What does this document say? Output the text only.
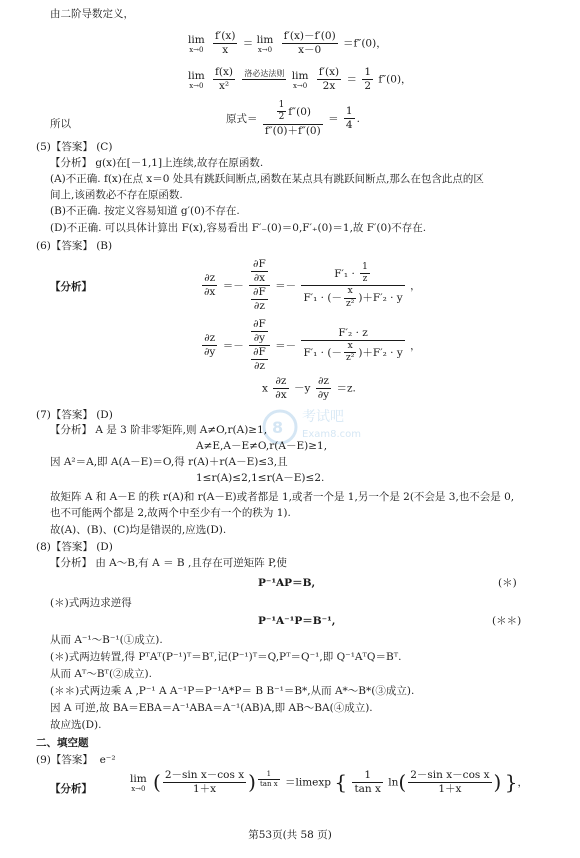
8
考试吧
Exam8.com
由二阶导数定义，
lim
x→0
$\frac{f'(x)}{x} = \lim$
x→0
$\frac{f'(x)-f'(0)}{x-0} =f''(0)$，
lim
x→0
$\frac{f(x)}{\text{x²}}$
洛必达法则

lim
x→0
$\frac{f'(x)}{2x} = \frac{1}{2} f''(0)$，
所以	原式＝ $\frac{\frac{1}{2} f''(0)}{f''(0)+f''(0)} = \frac{1}{4}$ .
(5)【答案】 (C)
【分析】 g(x)在[－1,1]上连续,故存在原函数.
(A)不正确. f(x)在点 x＝0 处具有跳跃间断点,函数在某点具有跳跃间断点,那么在包含此点的区
间上,该函数必不存在原函数.
(B)不正确. 按定义容易知道 g′(0)不存在.
(D)不正确. 可以具体计算出 F(x),容易看出 F′₋(0)＝0,F′₊(0)＝1,故 F′(0)不存在.
(6)【答案】 (B)
【分析】	$\frac{\partial z}{\partial x} =- \frac{\frac{\partial F}{\partial x}}{\frac{\partial F}{\partial z}} =- \frac{F'_1 \cdot \frac{1}{z}}{F'_1 \cdot (- \frac{x}{\text{z²}} )+F'_2 \cdot y}$ ，
$\frac{\partial z}{\partial y} =- \frac{\frac{\partial F}{\partial y}}{\frac{\partial F}{\partial z}} =- \frac{\text{F′₂ · z}}{F'_1 \cdot (- \frac{x}{\text{z²}} )+F'_2 \cdot y}$ ，
x $\frac{\partial z}{\partial x} -y \frac{\partial z}{\partial y} =z$.
(7)【答案】 (D)
【分析】 A 是 3 阶非零矩阵,则 A≠O,r(A)≥1,
A≠E,A－E≠O,r(A－E)≥1,
因 A²＝A,即 A(A－E)＝O,得 r(A)＋r(A－E)≤3,且
1≤r(A)≤2,1≤r(A－E)≤2.
故矩阵 A 和 A－E 的秩 r(A)和 r(A－E)或者都是 1,或者一个是 1,另一个是 2(不会是 3,也不会是 0,
也不可能两个都是 2,故两个中至少有一个的秩为 1).
故(A)、(B)、(C)均是错误的,应选(D).
(8)【答案】 (D)
【分析】 由 A～B,有 A ＝ B ,且存在可逆矩阵 P,使
P⁻¹AP＝B,	(＊)
(＊)式两边求逆得
P⁻¹A⁻¹P＝B⁻¹,	(＊＊)
从而 A⁻¹～B⁻¹(①成立).
(＊)式两边转置,得 PᵀAᵀ(P⁻¹)ᵀ＝Bᵀ,记(P⁻¹)ᵀ＝Q,Pᵀ＝Q⁻¹,即 Q⁻¹AᵀQ＝Bᵀ.
从而 Aᵀ～Bᵀ(②成立).
(＊＊)式两边乘 A ,P⁻¹ A A⁻¹P＝P⁻¹A*P＝ B B⁻¹＝B*,从而 A*～B*(③成立).
因 A 可逆,故 BA＝EBA＝A⁻¹ABA＝A⁻¹(AB)A,即 AB～BA(④成立).
故应选(D).
二、填空题
(9)【答案】 e⁻²
【分析】
lim
x→0 ( $\frac{\text{2－sin x－cos x}}{1+x}$ ) $^{\frac{1}{\text{tan x}}}$ ＝limexp { $\frac{1}{\text{tan x}} \ln( \frac{\text{2－sin x－cos x}}{1+x}$ ) }，
第53页(共 58 页)
